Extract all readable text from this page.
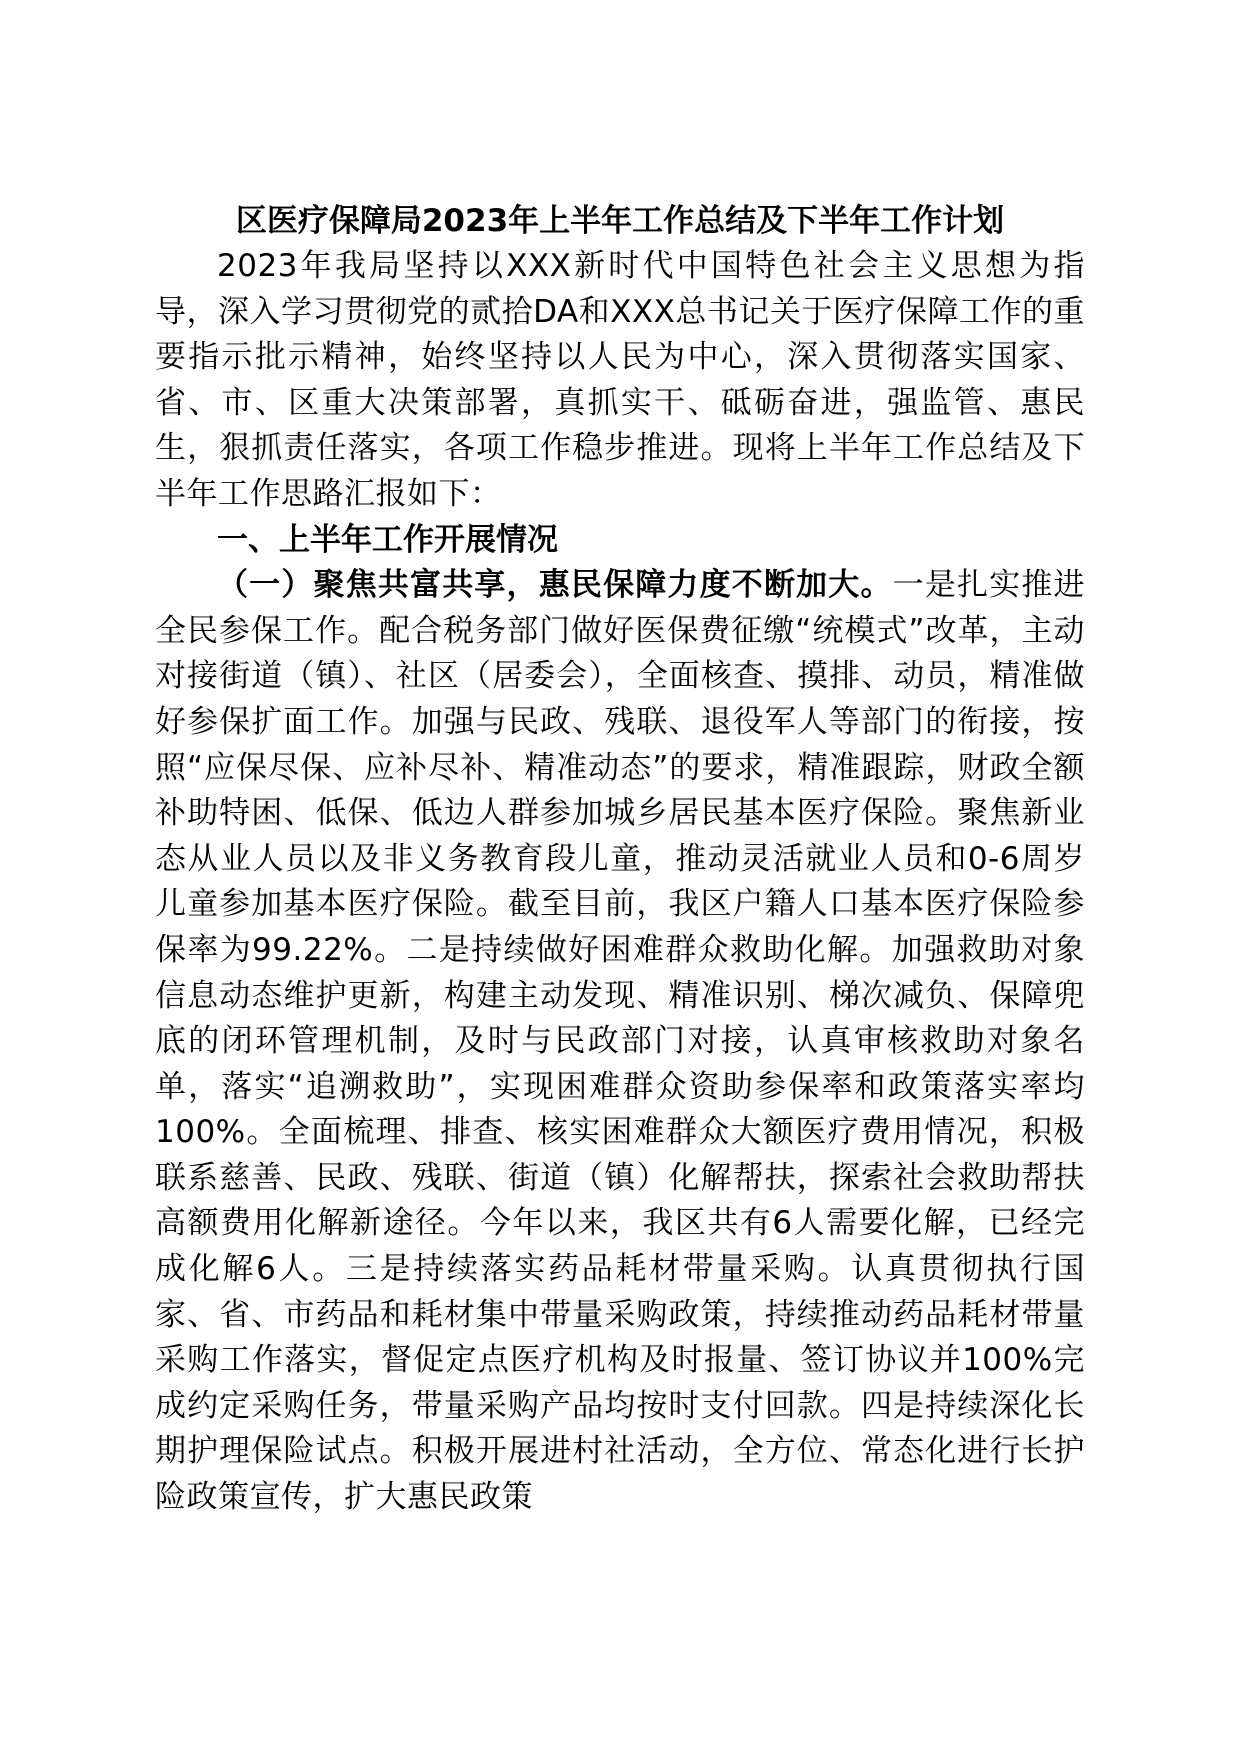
区医疗保障局2023年上半年工作总结及下半年工作计划

2023年我局坚持以XXX新时代中国特色社会主义思想为指导，深入学习贯彻党的贰拾DA和XXX总书记关于医疗保障工作的重要指示批示精神，始终坚持以人民为中心，深入贯彻落实国家、省、市、区重大决策部署，真抓实干、砥砺奋进，强监管、惠民生，狠抓责任落实，各项工作稳步推进。现将上半年工作总结及下半年工作思路汇报如下：

一、上半年工作开展情况

（一）聚焦共富共享，惠民保障力度不断加大。一是扎实推进全民参保工作。配合税务部门做好医保费征缴“统模式”改革，主动对接街道（镇）、社区（居委会），全面核查、摸排、动员，精准做好参保扩面工作。加强与民政、残联、退役军人等部门的衔接，按照“应保尽保、应补尽补、精准动态”的要求，精准跟踪，财政全额补助特困、低保、低边人群参加城乡居民基本医疗保险。聚焦新业态从业人员以及非义务教育段儿童，推动灵活就业人员和0-6周岁儿童参加基本医疗保险。截至目前，我区户籍人口基本医疗保险参保率为99.22%。二是持续做好困难群众救助化解。加强救助对象信息动态维护更新，构建主动发现、精准识别、梯次减负、保障兜底的闭环管理机制，及时与民政部门对接，认真审核救助对象名单，落实“追溯救助”，实现困难群众资助参保率和政策落实率均100%。全面梳理、排查、核实困难群众大额医疗费用情况，积极联系慈善、民政、残联、街道（镇）化解帮扶，探索社会救助帮扶高额费用化解新途径。今年以来，我区共有6人需要化解，已经完成化解6人。三是持续落实药品耗材带量采购。认真贯彻执行国家、省、市药品和耗材集中带量采购政策，持续推动药品耗材带量采购工作落实，督促定点医疗机构及时报量、签订协议并100%完成约定采购任务，带量采购产品均按时支付回款。四是持续深化长期护理保险试点。积极开展进村社活动，全方位、常态化进行长护险政策宣传，扩大惠民政策
